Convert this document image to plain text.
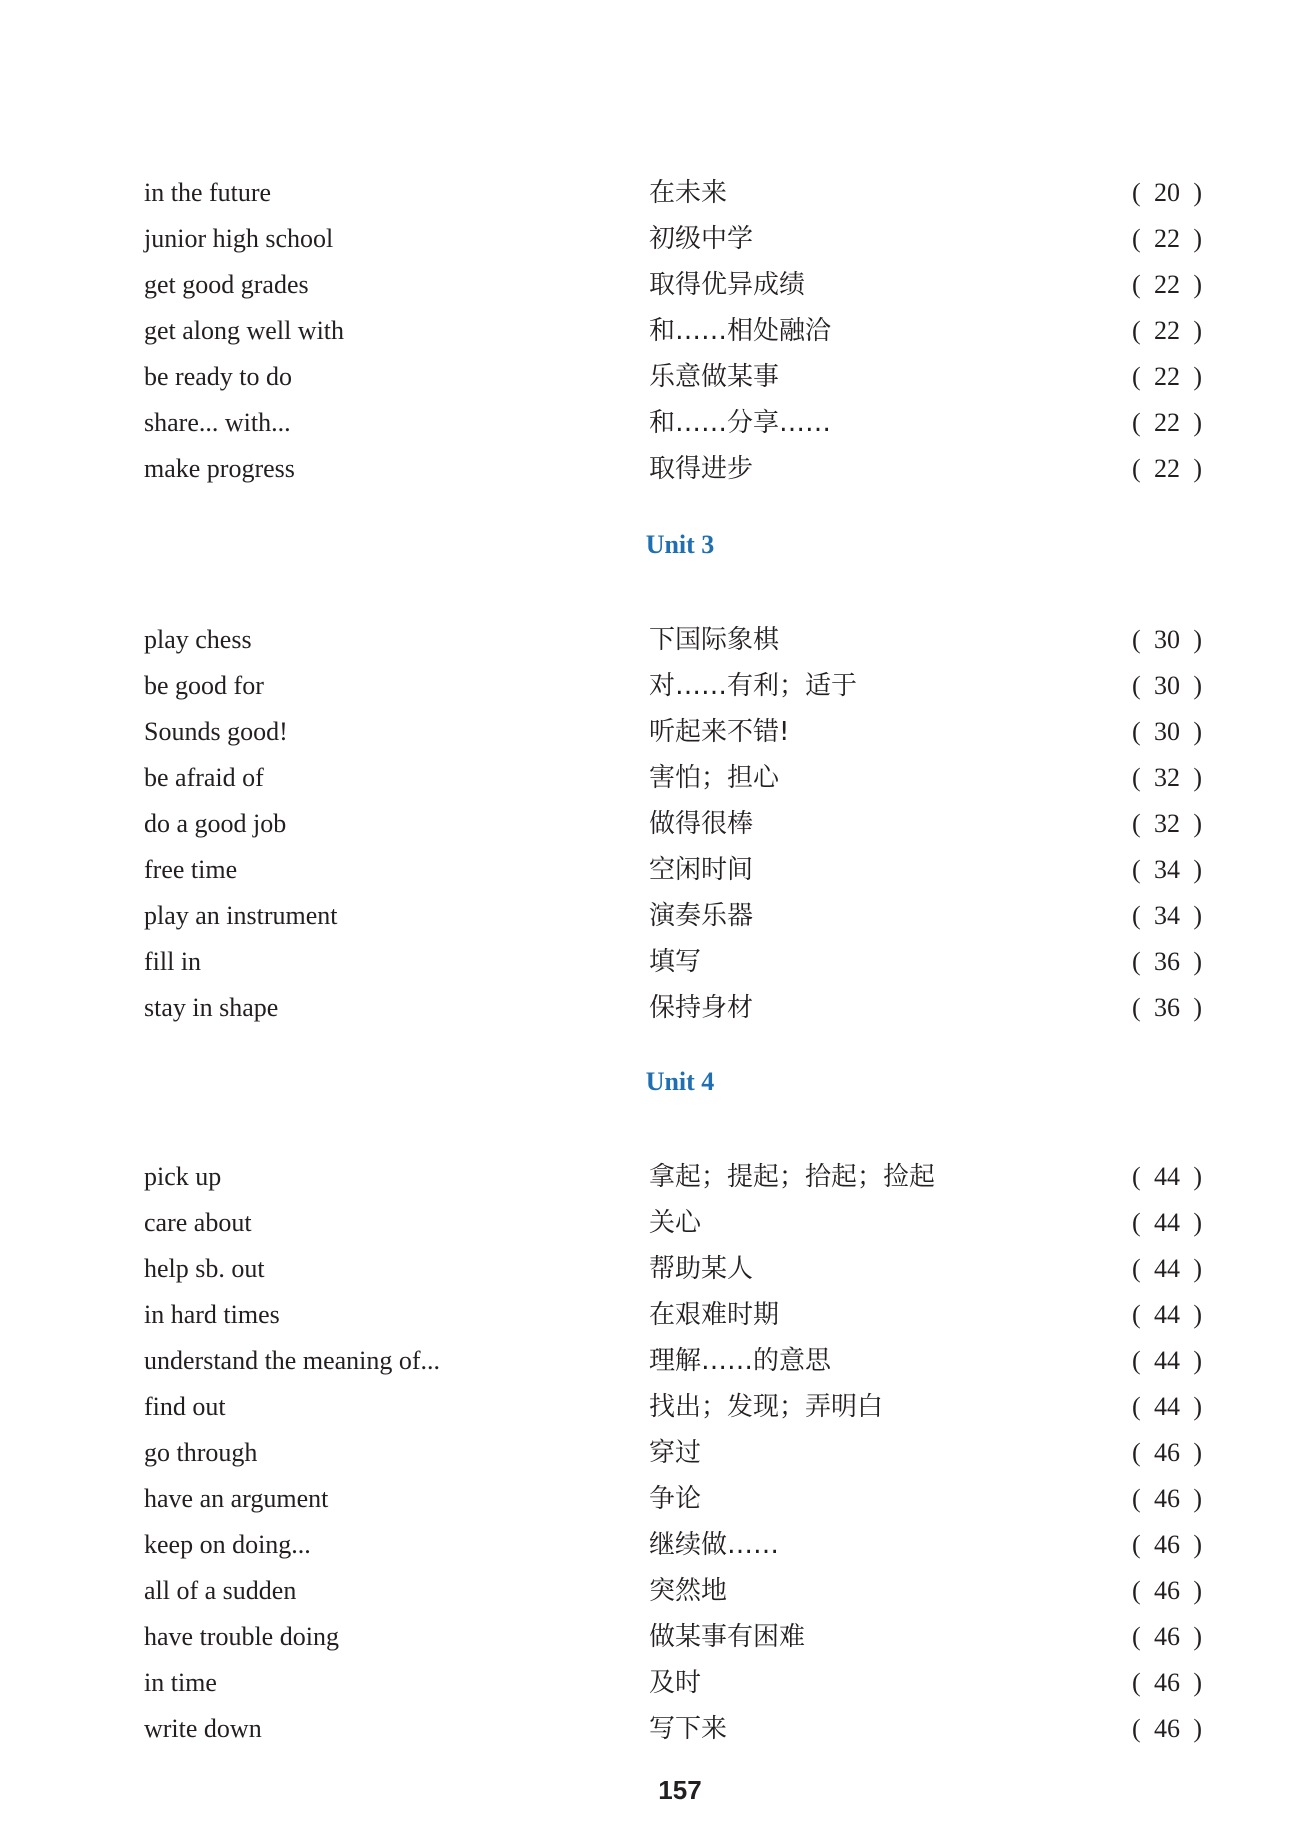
in the future	在未来	( 20 )
junior high school	初级中学	( 22 )
get good grades	取得优异成绩	( 22 )
get along well with	和……相处融洽	( 22 )
be ready to do	乐意做某事	( 22 )
share... with...	和……分享……	( 22 )
make progress	取得进步	( 22 )
Unit 3
play chess	下国际象棋	( 30 )
be good for	对……有利；适于	( 30 )
Sounds good!	听起来不错!	( 30 )
be afraid of	害怕；担心	( 32 )
do a good job	做得很棒	( 32 )
free time	空闲时间	( 34 )
play an instrument	演奏乐器	( 34 )
fill in	填写	( 36 )
stay in shape	保持身材	( 36 )
Unit 4
pick up	拿起；提起；拾起；捡起	( 44 )
care about	关心	( 44 )
help sb. out	帮助某人	( 44 )
in hard times	在艰难时期	( 44 )
understand the meaning of...	理解……的意思	( 44 )
find out	找出；发现；弄明白	( 44 )
go through	穿过	( 46 )
have an argument	争论	( 46 )
keep on doing...	继续做……	( 46 )
all of a sudden	突然地	( 46 )
have trouble doing	做某事有困难	( 46 )
in time	及时	( 46 )
write down	写下来	( 46 )
157
